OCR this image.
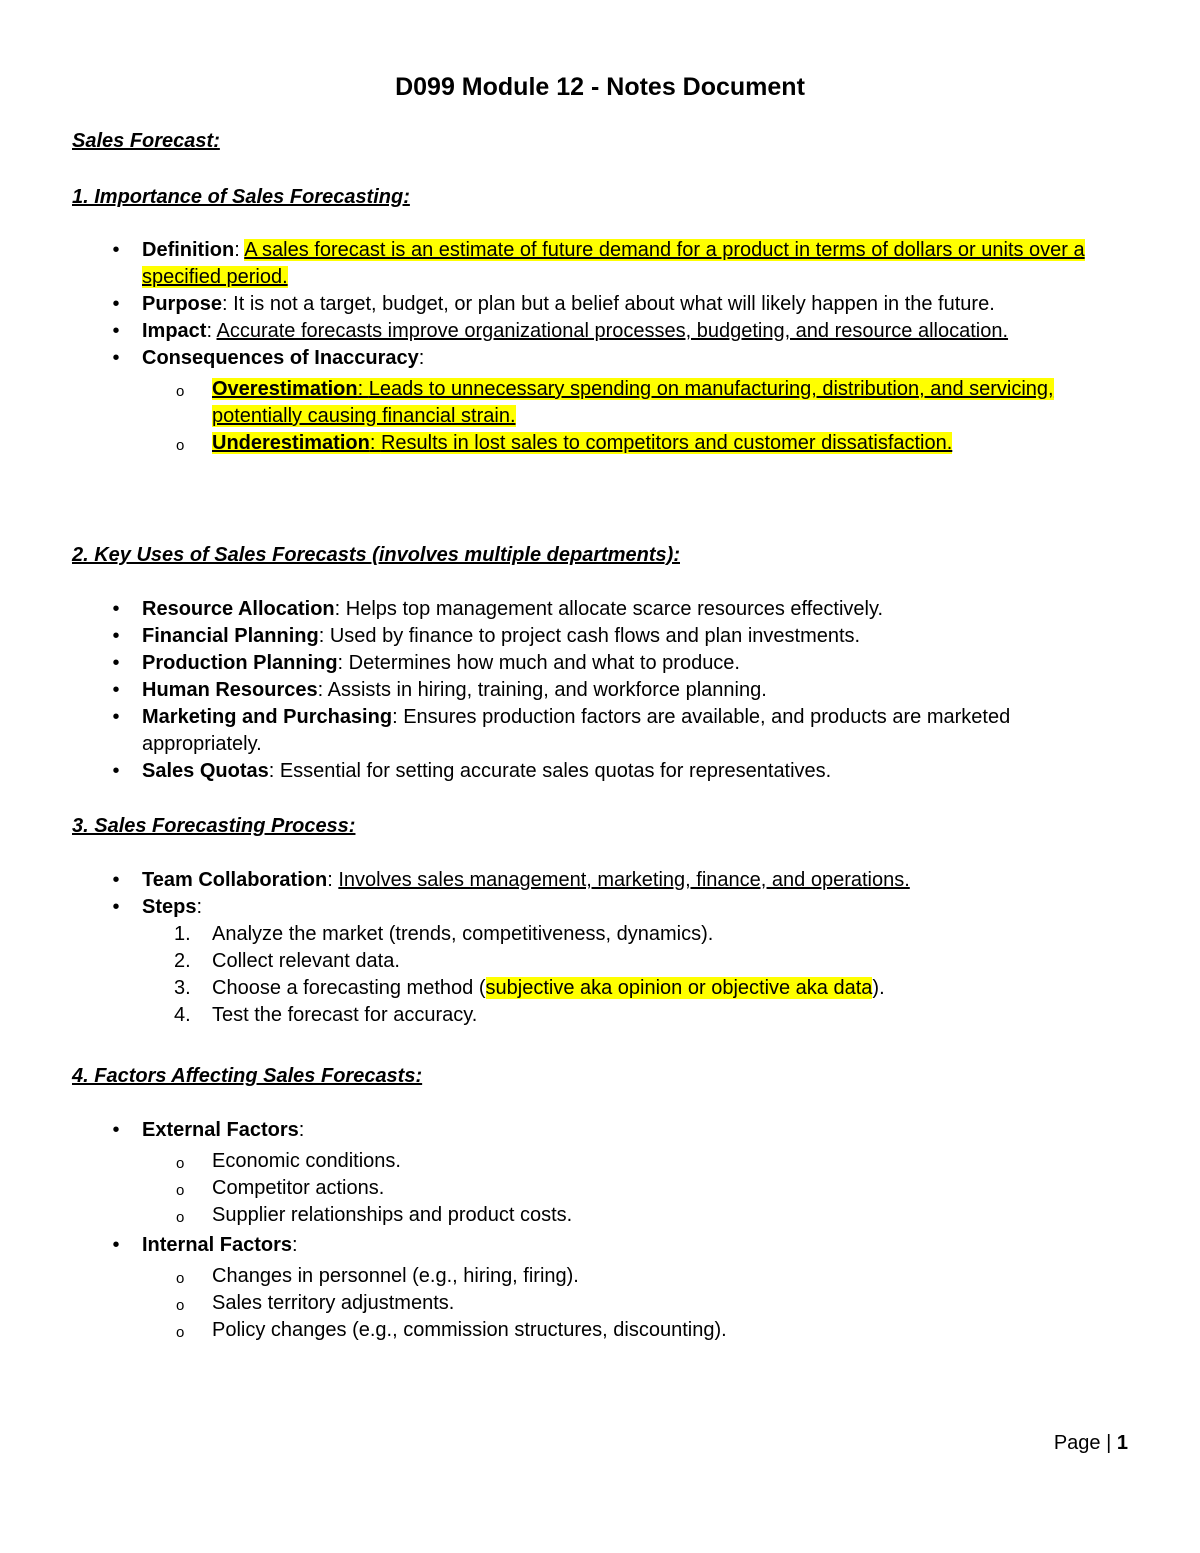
D099 Module 12 - Notes Document
Sales Forecast:
1. Importance of Sales Forecasting:
•	Definition: A sales forecast is an estimate of future demand for a product in terms of dollars or units over a specified period.
•	Purpose: It is not a target, budget, or plan but a belief about what will likely happen in the future.
•	Impact: Accurate forecasts improve organizational processes, budgeting, and resource allocation.
•	Consequences of Inaccuracy:
o Overestimation: Leads to unnecessary spending on manufacturing, distribution, and servicing, potentially causing financial strain.
o Underestimation: Results in lost sales to competitors and customer dissatisfaction.
2. Key Uses of Sales Forecasts (involves multiple departments):
•	Resource Allocation: Helps top management allocate scarce resources effectively.
•	Financial Planning: Used by finance to project cash flows and plan investments.
•	Production Planning: Determines how much and what to produce.
•	Human Resources: Assists in hiring, training, and workforce planning.
•	Marketing and Purchasing: Ensures production factors are available, and products are marketed appropriately.
•	Sales Quotas: Essential for setting accurate sales quotas for representatives.
3. Sales Forecasting Process:
•	Team Collaboration: Involves sales management, marketing, finance, and operations.
•	Steps:
1.	Analyze the market (trends, competitiveness, dynamics).
2.	Collect relevant data.
3.	Choose a forecasting method (subjective aka opinion or objective aka data).
4.	Test the forecast for accuracy.
4. Factors Affecting Sales Forecasts:
•	External Factors:
o Economic conditions.
o Competitor actions.
o Supplier relationships and product costs.
•	Internal Factors:
o Changes in personnel (e.g., hiring, firing).
o Sales territory adjustments.
o Policy changes (e.g., commission structures, discounting).
Page | 1
